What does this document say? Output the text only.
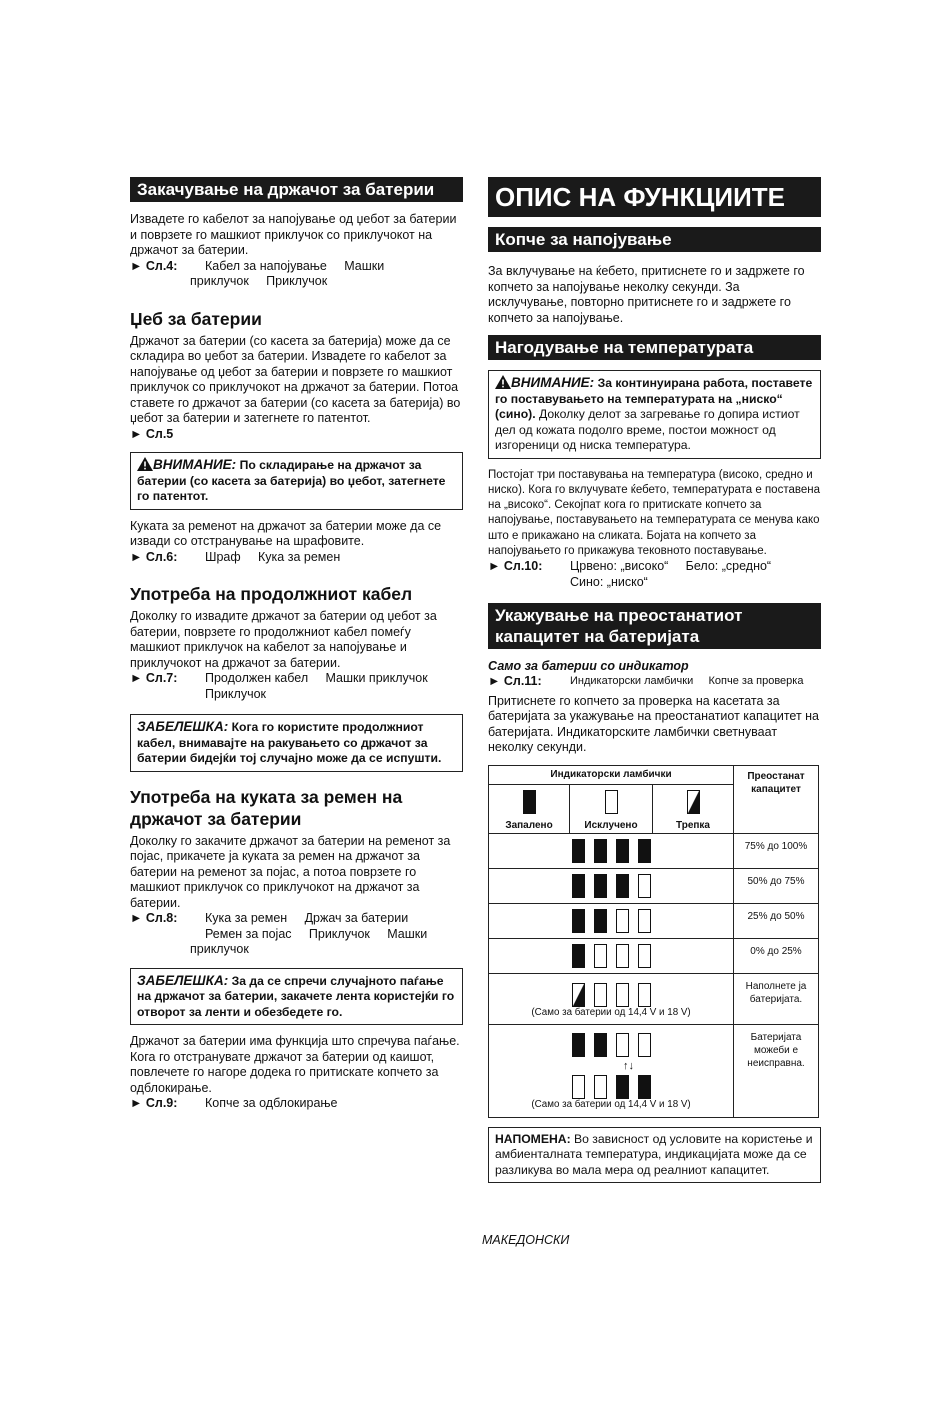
Закачување на држачот за батерии

Извадете го кабелот за напојување од џебот за батерии и поврзете го машкиот приклучок со приклучокот на држачот за батерии.

► Сл.4:	Кабел за напојување     Машки
приклучок     Приклучок
Џеб за батерии

Држачот за батерии (со касета за батерија) може да се складира во џебот за батерии. Извадете го кабелот за напојување од џебот за батерии и поврзете го машкиот приклучок со приклучокот на држачот за батерии. Потоа ставете го држачот за батерии (со касета за батерија) во џебот за батерии и затегнете го патентот.

► Сл.5
ВНИМАНИЕ: По складирање на држачот за батерии (со касета за батерија) во џебот, затегнете го патентот.

Куката за ременот на држачот за батерии може да се извади со отстранување на шрафовите.

► Сл.6:	Шраф     Кука за ремен
Употреба на продолжниот кабел

Доколку го извадите држачот за батерии од џебот за батерии, поврзете го продолжниот кабел помеѓу машкиот приклучок на кабелот за напојување и приклучокот на држачот за батерии.

► Сл.7:	Продолжен кабел     Машки приклучок
Приклучок
ЗАБЕЛЕШКА: Кога го користите продолжниот кабел, внимавајте на ракувањето со држачот за батерии бидејќи тој случајно може да се испушти.
Употреба на куката за ремен на држачот за батерии

Доколку го закачите држачот за батерии на ременот за појас, прикачете ја куката за ремен на држачот за батерии на ременот за појас, а потоа поврзете го машкиот приклучок со приклучокот на држачот за батерии.

► Сл.8:	Кука за ремен     Држач за батерии
Ремен за појас     Приклучок     Машки
приклучок
ЗАБЕЛЕШКА: За да се спречи случајното паѓање на држачот за батерии, закачете лента користејќи го отворот за ленти и обезбедете го.

Држачот за батерии има функција што спречува паѓање. Кога го отстранувате држачот за батерии од каишот, повлечете го нагоре додека го притискате копчето за одблокирање.

► Сл.9:	Копче за одблокирање
ОПИС НА ФУНКЦИИТЕ
Копче за напојување

За вклучување на ќебето, притиснете го и задржете го копчето за напојување неколку секунди. За исклучување, повторно притиснете го и задржете го копчето за напојување.

Нагодување на температурата
ВНИМАНИЕ: За континуирана работа, поставете го поставувањето на температурата на „ниско“ (сино). Доколку делот за загревање го допира истиот дел од кожата подолго време, постои можност од изгореници од ниска температура.

Постојат три поставувања на температура (високо, средно и ниско). Кога го вклучувате ќебето, температурата е поставена на „високо“. Секојпат кога го притискате копчето за напојување, поставувањето на температурата се менува како што е прикажано на сликата. Бојата на копчето за напојувањето го прикажува тековното поставување.

► Сл.10:	Црвено: „високо“     Бело: „средно“
Сино: „ниско“
Укажување на преостанатиот капацитет на батеријата
Само за батерии со индикатор
► Сл.11:	Индикаторски ламбички     Копче за проверка

Притиснете го копчето за проверка на касетата за батеријата за укажување на преостанатиот капацитет на батеријата. Индикаторските ламбички светнуваат неколку секунди.

Индикаторски ламбички			Преостанат капацитет

Запалено	Исклучено	Трепка	
			75% до 100%
			50% до 75%
			25% до 50%
			0% до 25%

(Само за батерии од 14,4 V и 18 V)			Наполнете ја батеријата.

↑↓
(Само за батерии од 14,4 V и 18 V)			Батеријата можеби е неисправна.
НАПОМЕНА: Во зависност од условите на користење и амбиенталната температура, индикацијата може да се разликува во мала мера од реалниот капацитет.
МАКЕДОНСКИ
